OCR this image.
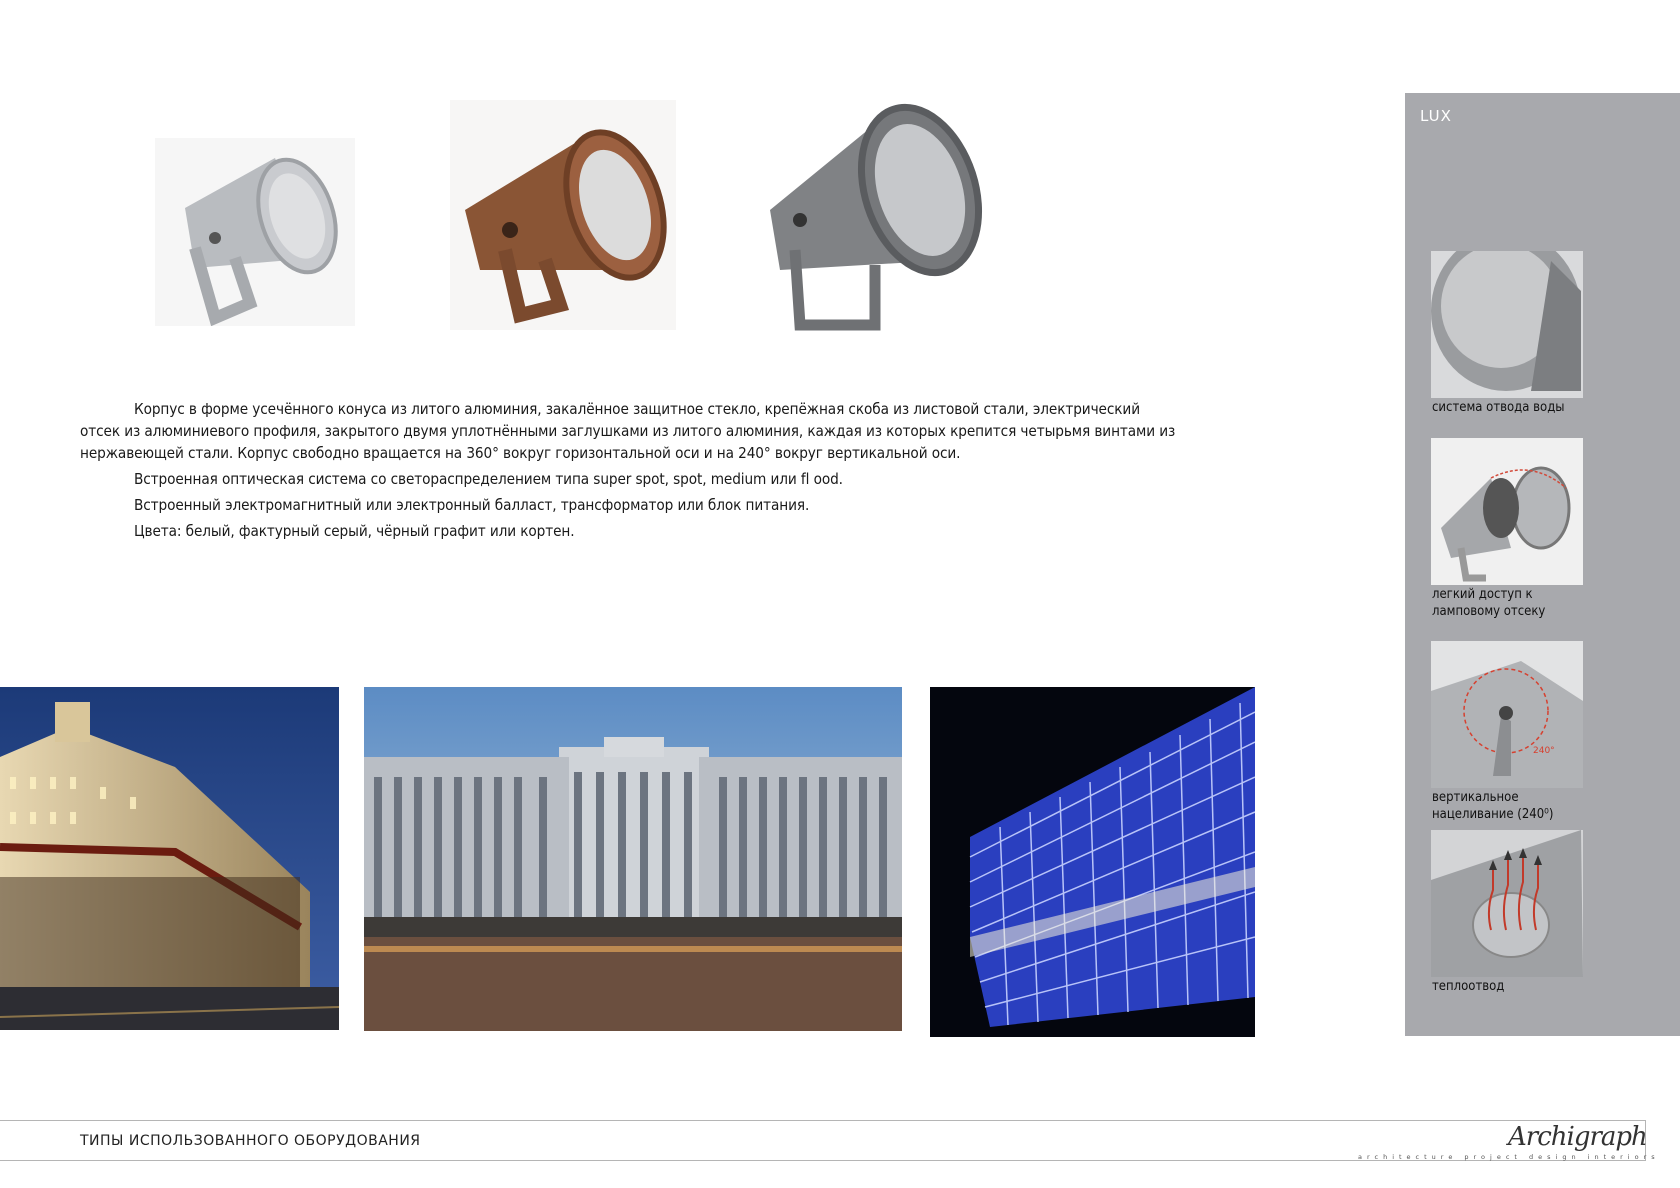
Корпус в форме усечённого конуса из литого алюминия, закалённое защитное стекло, крепёжная скоба из листовой стали, электрический отсек из алюминиевого профиля, закрытого двумя уплотнёнными заглушками из литого алюминия, каждая из которых крепится четырьмя винтами из нержавеющей стали. Корпус свободно вращается на 360° вокруг горизонтальной оси и на 240° вокруг вертикальной оси.

Встроенная оптическая система со светораспределением типа super spot, spot, medium или fl ood.

Встроенный электромагнитный или электронный балласт, трансформатор или блок питания.

Цвета: белый, фактурный серый, чёрный графит или кортен.

LUX
система отвода воды
легкий доступ к
ламповому отсеку
240°
вертикальное
нацеливание (240⁰)
теплоотвод
ТИПЫ ИСПОЛЬЗОВАННОГО ОБОРУДОВАНИЯ	Archigraph
architecture project design interiors
